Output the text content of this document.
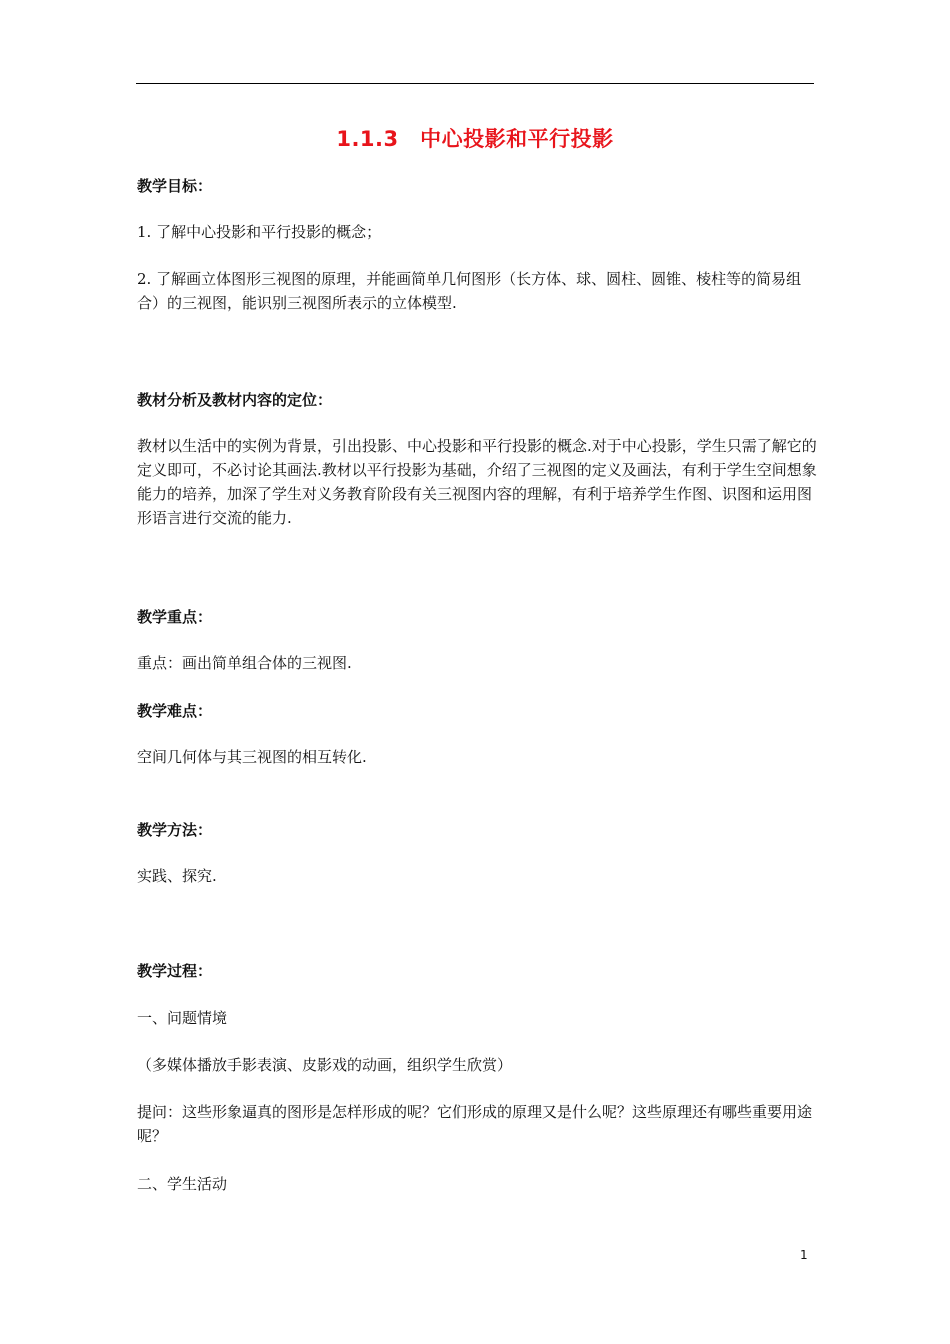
1.1.3　中心投影和平行投影

教学目标：

1. 了解中心投影和平行投影的概念；

2. 了解画立体图形三视图的原理，并能画简单几何图形（长方体、球、圆柱、圆锥、棱柱等的简易组合）的三视图，能识别三视图所表示的立体模型.

教材分析及教材内容的定位：

教材以生活中的实例为背景，引出投影、中心投影和平行投影的概念.对于中心投影，学生只需了解它的定义即可，不必讨论其画法.教材以平行投影为基础，介绍了三视图的定义及画法，有利于学生空间想象能力的培养，加深了学生对义务教育阶段有关三视图内容的理解，有利于培养学生作图、识图和运用图形语言进行交流的能力.

教学重点：

重点：画出简单组合体的三视图.

教学难点：

空间几何体与其三视图的相互转化.

教学方法：

实践、探究.

教学过程：

一、问题情境

（多媒体播放手影表演、皮影戏的动画，组织学生欣赏）

提问：这些形象逼真的图形是怎样形成的呢？它们形成的原理又是什么呢？这些原理还有哪些重要用途呢？

二、学生活动

1
